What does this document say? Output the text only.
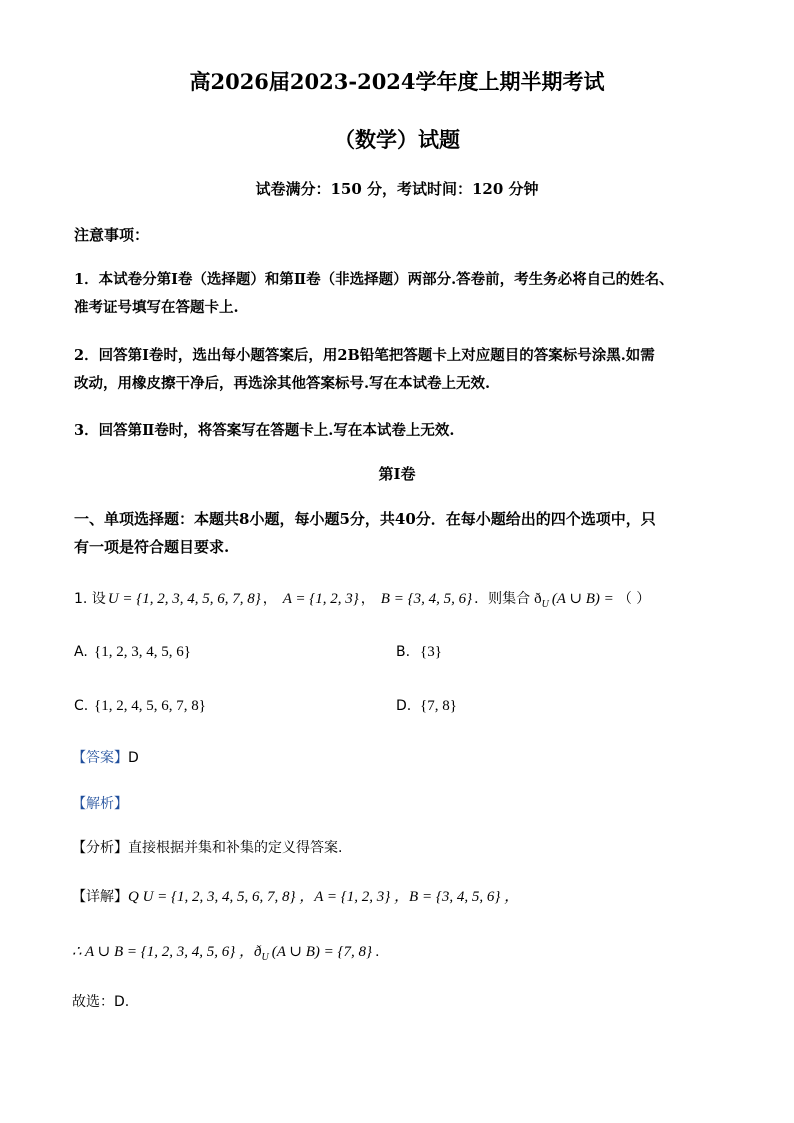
高2026届2023-2024学年度上期半期考试
（数学）试题
试卷满分：150 分，考试时间：120 分钟
注意事项：
1．本试卷分第Ⅰ卷（选择题）和第Ⅱ卷（非选择题）两部分.答卷前，考生务必将自己的姓名、
准考证号填写在答题卡上.
2．回答第Ⅰ卷时，选出每小题答案后，用2B铅笔把答题卡上对应题目的答案标号涂黑.如需
改动，用橡皮擦干净后，再选涂其他答案标号.写在本试卷上无效.
3．回答第Ⅱ卷时，将答案写在答题卡上.写在本试卷上无效.
第Ⅰ卷
一、单项选择题：本题共8小题，每小题5分，共40分．在每小题给出的四个选项中，只
有一项是符合题目要求.
1. 设 U = {1, 2, 3, 4, 5, 6, 7, 8} ， A = {1, 2, 3} ， B = {3, 4, 5, 6} ．则集合 ð U (A ∪ B) = （ ）
A. {1, 2, 3, 4, 5, 6}	B. {3}
C. {1, 2, 4, 5, 6, 7, 8}	D. {7, 8}
【答案】 D
【解析】
【分析】 直接根据并集和补集的定义得答案.
【详解】 Q U = {1, 2, 3, 4, 5, 6, 7, 8} ，A = {1, 2, 3} ，B = {3, 4, 5, 6} ，
∴ A ∪ B = {1, 2, 3, 4, 5, 6} ，ð U (A ∪ B) = {7, 8} .
故选：D.
